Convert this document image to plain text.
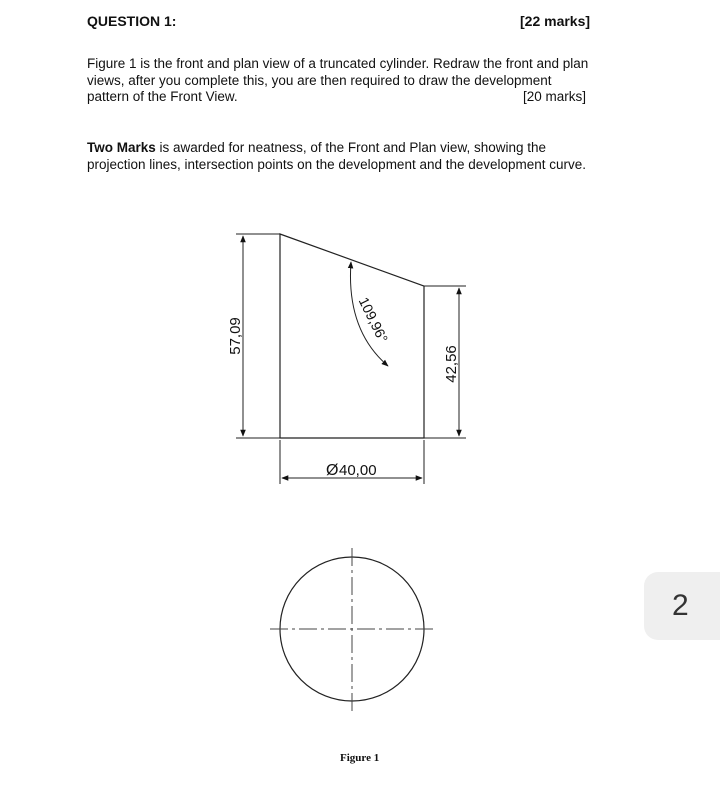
QUESTION 1:	[22 marks]
Figure 1 is the front and plan view of a truncated cylinder. Redraw the front and plan
views, after you complete this, you are then required to draw the development
pattern of the Front View.	[20 marks]
Two Marks is awarded for neatness, of the Front and Plan view, showing the
projection lines, intersection points on the development and the development curve.
57,09
42,56
Ø 40,00
109,96°
Figure 1
2
